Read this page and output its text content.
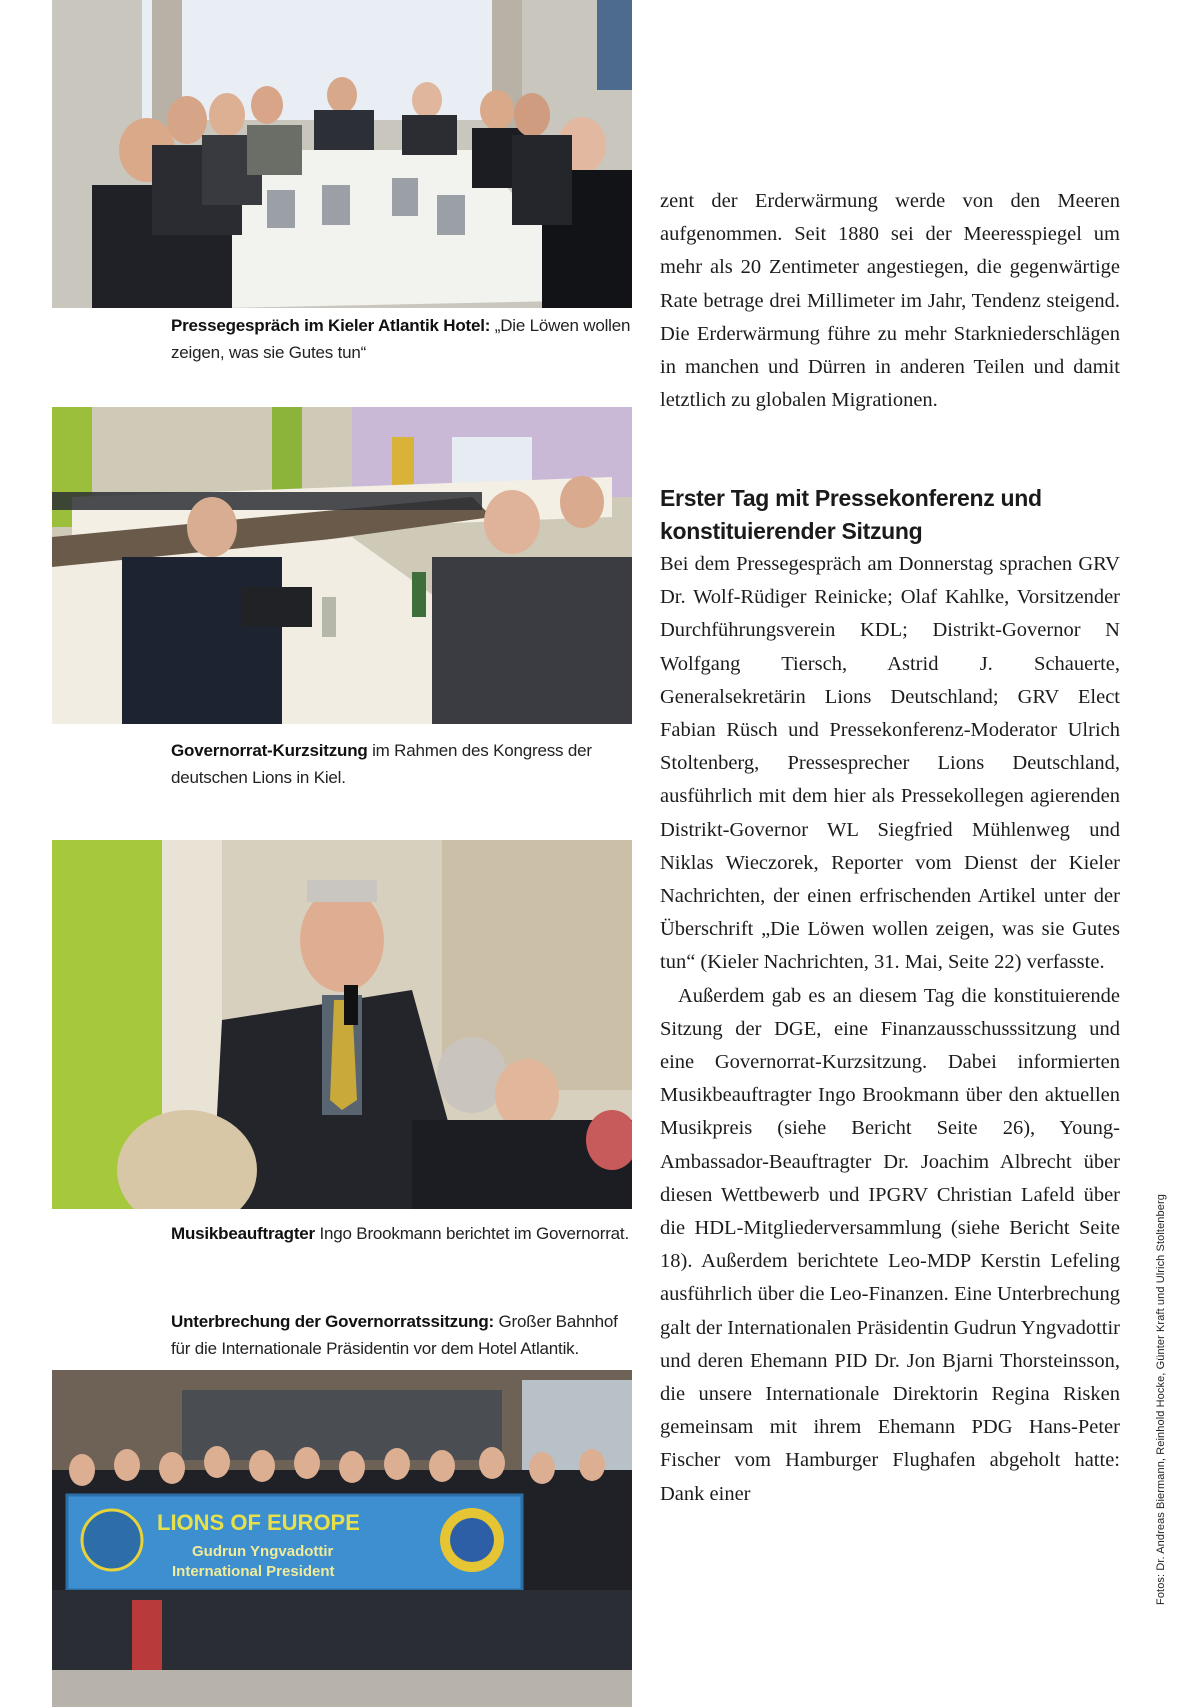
Pressegespräch im Kieler Atlantik Hotel: „Die Löwen wollen zeigen, was sie Gutes tun“
Governorrat-Kurzsitzung im Rahmen des Kongress der deutschen Lions in Kiel.
Musikbeauftragter Ingo Brookmann berichtet im Governorrat.
Unterbrechung der Governorratssitzung: Großer Bahnhof für die Internationale Präsidentin vor dem Hotel Atlantik.
LIONS OF EUROPE
Gudrun Yngvadottir
International President

zent der Erderwärmung werde von den Meeren aufgenommen. Seit 1880 sei der Meeresspiegel um mehr als 20 Zentimeter angestiegen, die gegenwärtige Rate betrage drei Millimeter im Jahr, Tendenz steigend. Die Erderwärmung führe zu mehr Starkniederschlägen in manchen und Dürren in anderen Teilen und damit letztlich zu globalen Migrationen.

Erster Tag mit Pressekonferenz und konstituierender Sitzung

Bei dem Pressegespräch am Donnerstag sprachen GRV Dr. Wolf-Rüdiger Reinicke; Olaf Kahlke, Vorsitzender Durchführungsverein KDL; Distrikt-Governor N Wolfgang Tiersch, Astrid J. Schauerte, Generalsekretärin Lions Deutschland; GRV Elect Fabian Rüsch und Pressekonferenz-Moderator Ulrich Stoltenberg, Pressesprecher Lions Deutschland, ausführlich mit dem hier als Pressekollegen agierenden Distrikt-Governor WL Siegfried Mühlenweg und Niklas Wieczorek, Reporter vom Dienst der Kieler Nachrichten, der einen erfrischenden Artikel unter der Überschrift „Die Löwen wollen zeigen, was sie Gutes tun“ (Kieler Nachrichten, 31. Mai, Seite 22) verfasste.

Außerdem gab es an diesem Tag die konstituierende Sitzung der DGE, eine Finanzausschusssitzung und eine Governorrat-Kurzsitzung. Dabei informierten Musikbeauftragter Ingo Brookmann über den aktuellen Musikpreis (siehe Bericht Seite 26), Young-Ambassador-Beauftragter Dr. Joachim Albrecht über diesen Wettbewerb und IPGRV Christian Lafeld über die HDL-Mitgliederversammlung (siehe Bericht Seite 18). Außerdem berichtete Leo-MDP Kerstin Lefeling ausführlich über die Leo-Finanzen. Eine Unterbrechung galt der Internationalen Präsidentin Gudrun Yngvadottir und deren Ehemann PID Dr. Jon Bjarni Thorsteinsson, die unsere Internationale Direktorin Regina Risken gemeinsam mit ihrem Ehemann PDG Hans-Peter Fischer vom Hamburger Flughafen abgeholt hatte: Dank einer	Fotos: Dr. Andreas Biermann, Reinhold Hocke, Günter Kraft und Ulrich Stoltenberg
